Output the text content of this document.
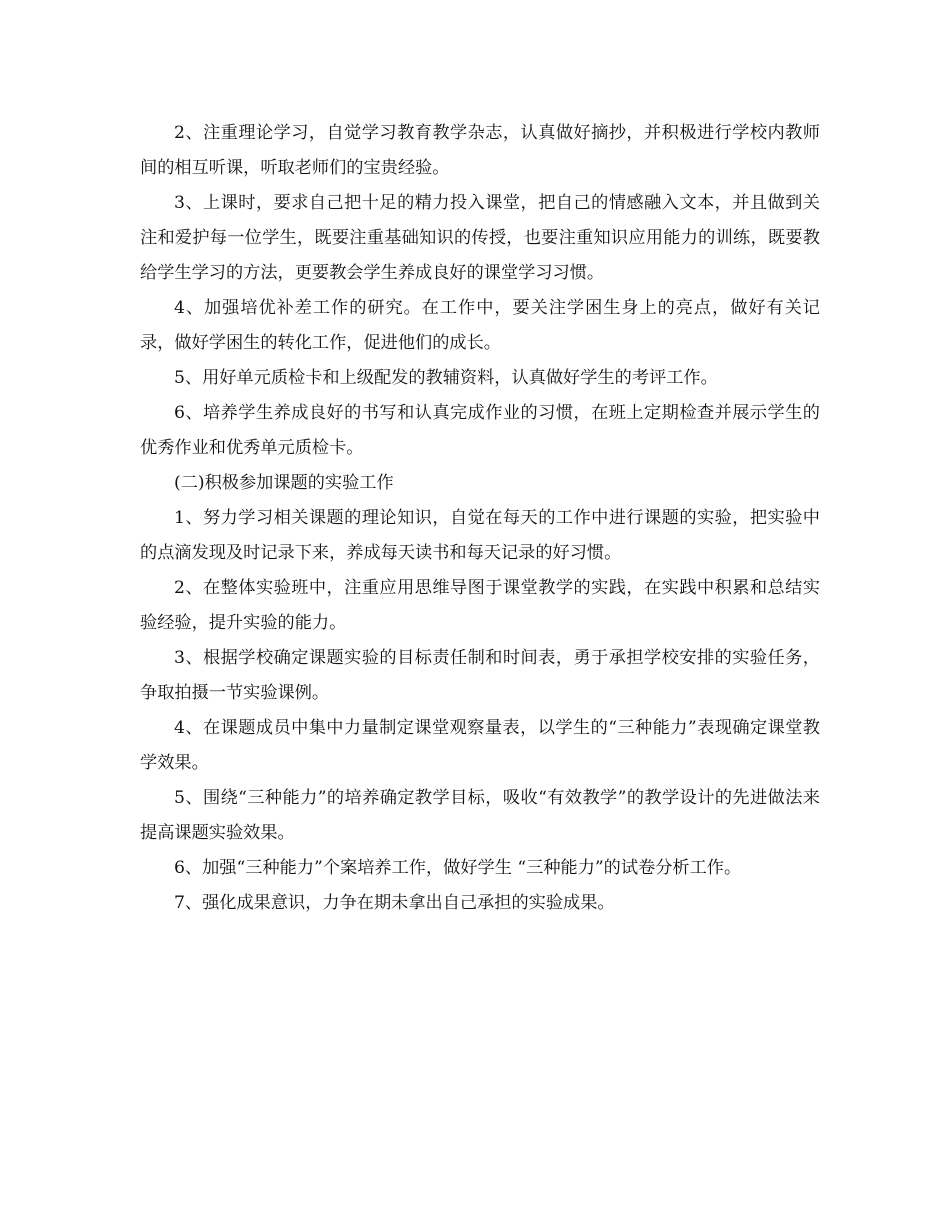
2、注重理论学习，自觉学习教育教学杂志，认真做好摘抄，并积极进行学校内教师间的相互听课，听取老师们的宝贵经验。

3、上课时，要求自己把十足的精力投入课堂，把自己的情感融入文本，并且做到关注和爱护每一位学生，既要注重基础知识的传授，也要注重知识应用能力的训练，既要教给学生学习的方法，更要教会学生养成良好的课堂学习习惯。

4、加强培优补差工作的研究。在工作中，要关注学困生身上的亮点，做好有关记录，做好学困生的转化工作，促进他们的成长。

5、用好单元质检卡和上级配发的教辅资料，认真做好学生的考评工作。

6、培养学生养成良好的书写和认真完成作业的习惯，在班上定期检查并展示学生的优秀作业和优秀单元质检卡。

(二)积极参加课题的实验工作

1、努力学习相关课题的理论知识，自觉在每天的工作中进行课题的实验，把实验中的点滴发现及时记录下来，养成每天读书和每天记录的好习惯。

2、在整体实验班中，注重应用思维导图于课堂教学的实践，在实践中积累和总结实验经验，提升实验的能力。

3、根据学校确定课题实验的目标责任制和时间表，勇于承担学校安排的实验任务，争取拍摄一节实验课例。

4、在课题成员中集中力量制定课堂观察量表，以学生的“三种能力”表现确定课堂教学效果。

5、围绕“三种能力”的培养确定教学目标，吸收“有效教学”的教学设计的先进做法来提高课题实验效果。

6、加强“三种能力”个案培养工作，做好学生 “三种能力”的试卷分析工作。

7、强化成果意识，力争在期未拿出自己承担的实验成果。
